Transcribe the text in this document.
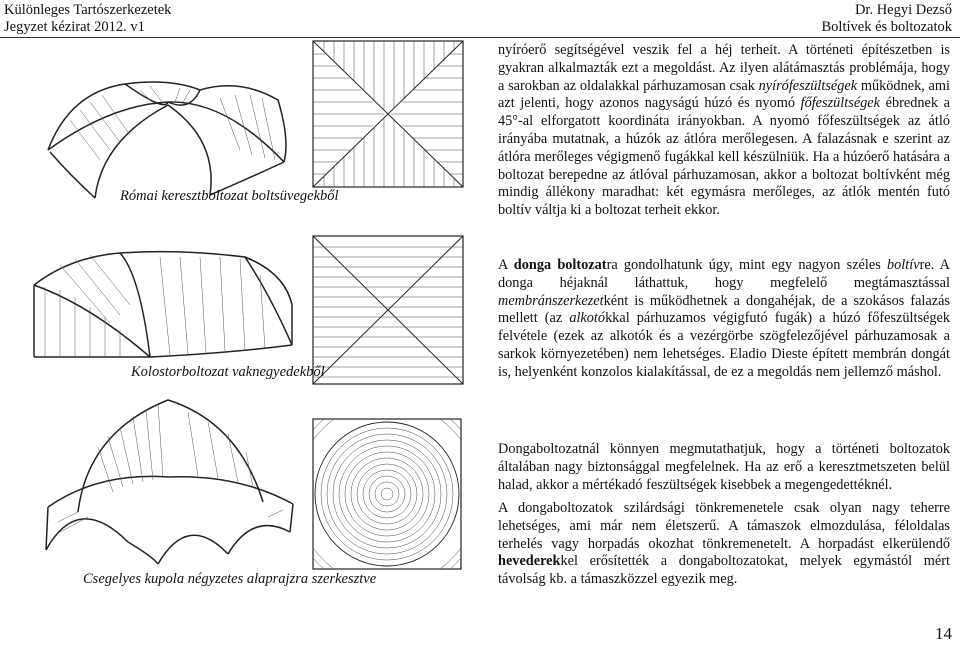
Különleges Tartószerkezetek
Jegyzet kézirat 2012. v1
Dr. Hegyi Dezső
Boltívek és boltozatok
Római keresztboltozat boltsüvegekből
Kolostorboltozat vaknegyedekből
Csegelyes kupola négyzetes alaprajzra szerkesztve

nyíróerő segítségével veszik fel a héj terheit. A történeti építészetben is gyakran alkalmazták ezt a megoldást. Az ilyen alátámasztás problémája, hogy a sarokban az oldalakkal párhuzamosan csak nyírófeszültségek működnek, ami azt jelenti, hogy azonos nagyságú húzó és nyomó főfeszültségek ébrednek a 45°-al elforgatott koordináta irányokban. A nyomó főfeszültségek az átló irányába mutatnak, a húzók az átlóra merőlegesen. A falazásnak e szerint az átlóra merőleges végigmenő fugákkal kell készülniük. Ha a húzóerő hatására a boltozat berepedne az átlóval párhuzamosan, akkor a boltozat boltívként még mindig állékony maradhat: két egymásra merőleges, az átlók mentén futó boltív váltja ki a boltozat terheit ekkor.

A donga boltozatra gondolhatunk úgy, mint egy nagyon széles boltívre. A donga héjaknál láthattuk, hogy megfelelő megtámasztással membránszerkezetként is működhetnek a dongahéjak, de a szokásos falazás mellett (az alkotókkal párhuzamos végigfutó fugák) a húzó főfeszültségek felvétele (ezek az alkotók és a vezérgörbe szögfelezőjével párhuzamosak a sarkok környezetében) nem lehetséges. Eladio Dieste épített membrán dongát is, helyenként konzolos kialakítással, de ez a megoldás nem jellemző máshol.

Dongaboltozatnál könnyen megmutathatjuk, hogy a történeti boltozatok általában nagy biztonsággal megfelelnek. Ha az erő a keresztmetszeten belül halad, akkor a mértékadó feszültségek kisebbek a megengedettéknél.

A dongaboltozatok szilárdsági tönkremenetele csak olyan nagy teherre lehetséges, ami már nem életszerű. A támaszok elmozdulása, féloldalas terhelés vagy horpadás okozhat tönkremenetelt. A horpadást elkerülendő hevederekkel erősítették a dongaboltozatokat, melyek egymástól mért távolság kb. a támaszközzel egyezik meg.

14
